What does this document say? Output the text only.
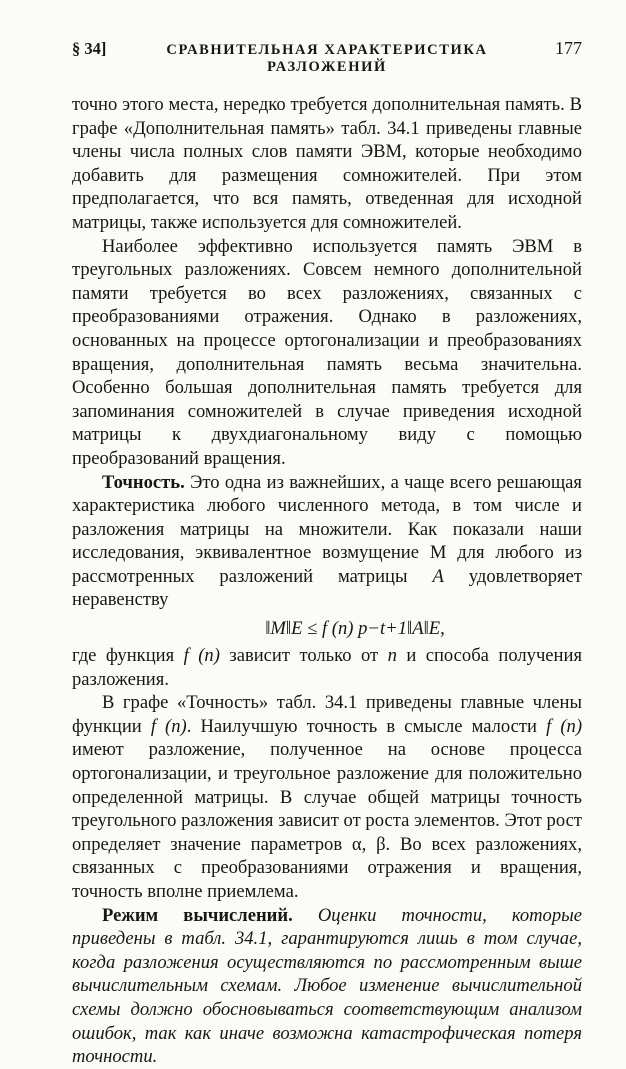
§ 34]	СРАВНИТЕЛЬНАЯ ХАРАКТЕРИСТИКА РАЗЛОЖЕНИЙ
177

точно этого места, нередко требуется дополнительная память. В графе «Дополнительная память» табл. 34.1 приведены главные члены числа полных слов памяти ЭВМ, которые необходимо добавить для размещения сомножителей. При этом предполагается, что вся память, отведенная для исходной матрицы, также используется для сомножителей.

Наиболее эффективно используется память ЭВМ в треугольных разложениях. Совсем немного дополнительной памяти требуется во всех разложениях, связанных с преобразованиями отражения. Однако в разложениях, основанных на процессе ортогонализации и преобразованиях вращения, дополнительная память весьма значительна. Особенно большая дополнительная память требуется для запоминания сомножителей в случае приведения исходной матрицы к двухдиагональному виду с помощью преобразований вращения.

Точность. Это одна из важнейших, а чаще всего решающая характеристика любого численного метода, в том числе и разложения матрицы на множители. Как показали наши исследования, эквивалентное возмущение М для любого из рассмотренных разложений матрицы A удовлетворяет неравенству

‖M‖E ≤ f (n) p−t+1‖A‖E,

где функция f (n) зависит только от n и способа получения разложения.

В графе «Точность» табл. 34.1 приведены главные члены функции f (n). Наилучшую точность в смысле малости f (n) имеют разложение, полученное на основе процесса ортогонализации, и треугольное разложение для положительно определенной матрицы. В случае общей матрицы точность треугольного разложения зависит от роста элементов. Этот рост определяет значение параметров α, β. Во всех разложениях, связанных с преобразованиями отражения и вращения, точность вполне приемлема.

Режим вычислений. Оценки точности, которые приведены в табл. 34.1, гарантируются лишь в том случае, когда разложения осуществляются по рассмотренным выше вычислительным схемам. Любое изменение вычислительной схемы должно обосновываться соответствующим анализом ошибок, так как иначе возможна катастрофическая потеря точности.
